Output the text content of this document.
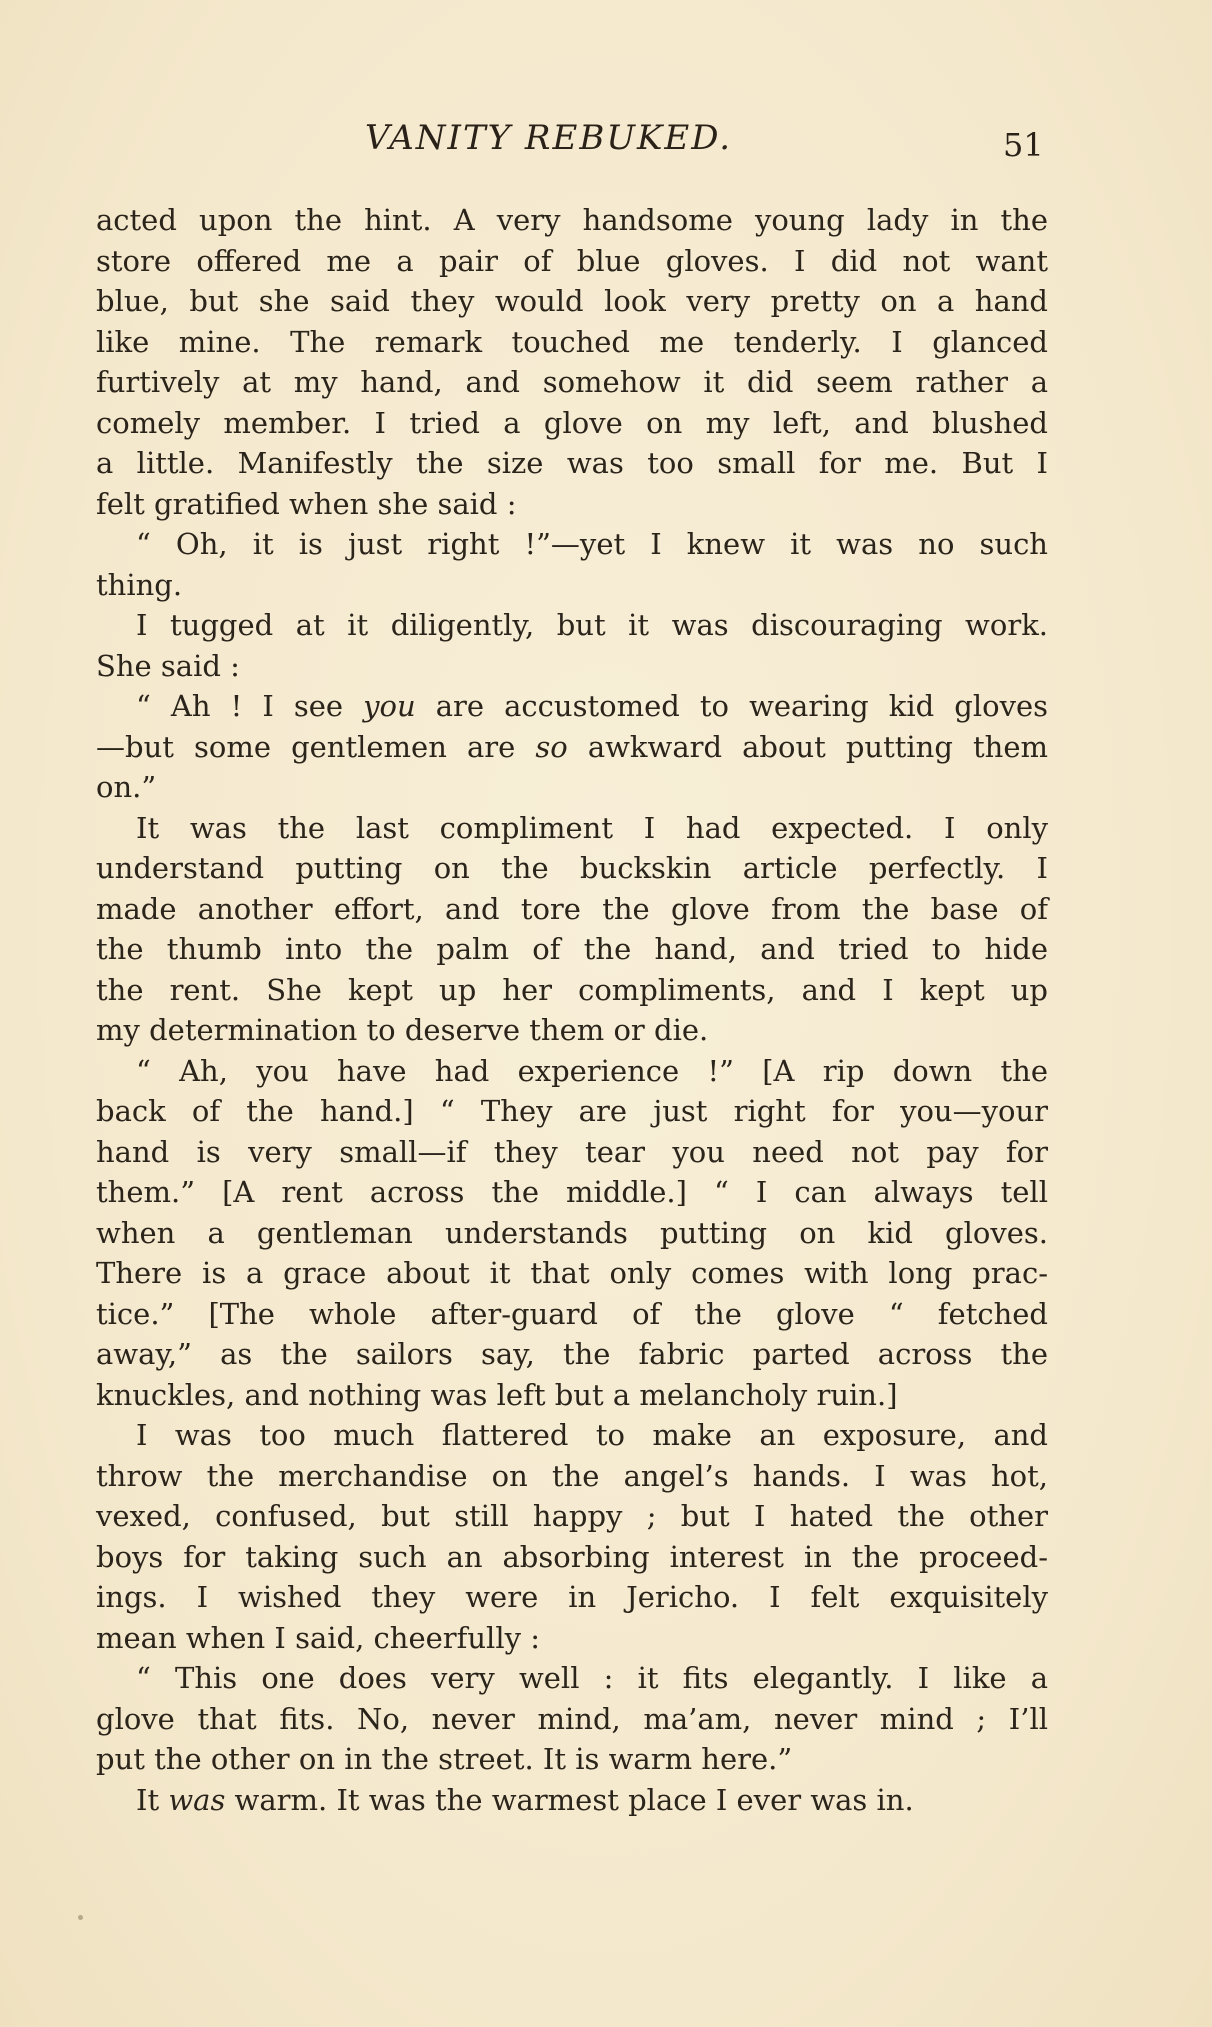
VANITY REBUKED.	51
acted upon the hint. A very handsome young lady in the
store offered me a pair of blue gloves. I did not want
blue, but she said they would look very pretty on a hand
like mine. The remark touched me tenderly. I glanced
furtively at my hand, and somehow it did seem rather a
comely member. I tried a glove on my left, and blushed
a little. Manifestly the size was too small for me. But I
felt gratified when she said :
“ Oh, it is just right !”—yet I knew it was no such
thing.
I tugged at it diligently, but it was discouraging work.
She said :
“ Ah ! I see you are accustomed to wearing kid gloves
—but some gentlemen are so awkward about putting them
on.”
It was the last compliment I had expected. I only
understand putting on the buckskin article perfectly. I
made another effort, and tore the glove from the base of
the thumb into the palm of the hand, and tried to hide
the rent. She kept up her compliments, and I kept up
my determination to deserve them or die.
“ Ah, you have had experience !” [A rip down the
back of the hand.] “ They are just right for you—your
hand is very small—if they tear you need not pay for
them.” [A rent across the middle.] “ I can always tell
when a gentleman understands putting on kid gloves.
There is a grace about it that only comes with long prac-
tice.” [The whole after-guard of the glove “ fetched
away,” as the sailors say, the fabric parted across the
knuckles, and nothing was left but a melancholy ruin.]
I was too much flattered to make an exposure, and
throw the merchandise on the angel’s hands. I was hot,
vexed, confused, but still happy ; but I hated the other
boys for taking such an absorbing interest in the proceed-
ings. I wished they were in Jericho. I felt exquisitely
mean when I said, cheerfully :
“ This one does very well : it fits elegantly. I like a
glove that fits. No, never mind, ma’am, never mind ; I’ll
put the other on in the street. It is warm here.”
It was warm. It was the warmest place I ever was in.
